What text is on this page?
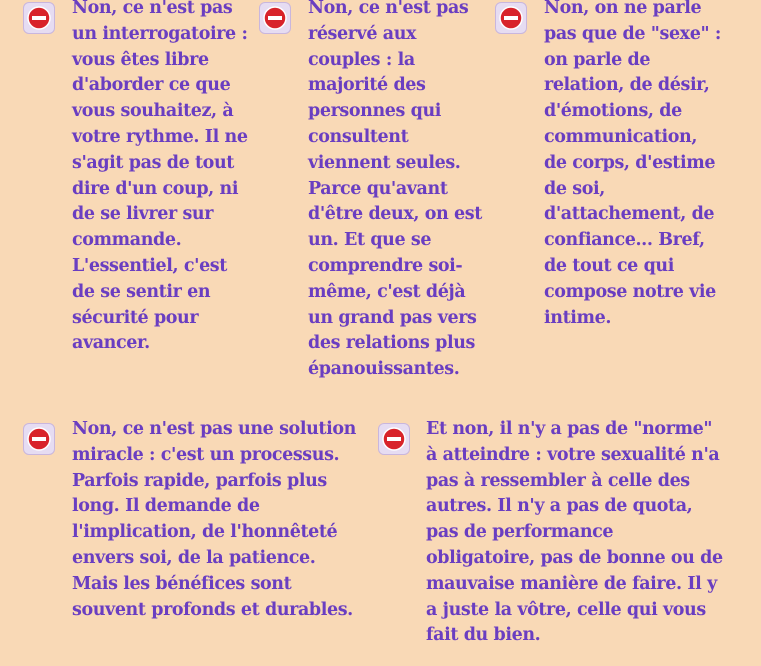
Non, ce n'est pas un interrogatoire : vous êtes libre d'aborder ce que vous souhaitez, à votre rythme. Il ne s'agit pas de tout dire d'un coup, ni de se livrer sur commande. L'essentiel, c'est de se sentir en sécurité pour avancer.

Non, ce n'est pas réservé aux couples : la majorité des personnes qui consultent viennent seules. Parce qu'avant d'être deux, on est un. Et que se comprendre soi-même, c'est déjà un grand pas vers des relations plus épanouissantes.

Non, on ne parle pas que de "sexe" : on parle de relation, de désir, d'émotions, de communication, de corps, d'estime de soi, d'attachement, de confiance... Bref, de tout ce qui compose notre vie intime.

Non, ce n'est pas une solution miracle : c'est un processus. Parfois rapide, parfois plus long. Il demande de l'implication, de l'honnêteté envers soi, de la patience. Mais les bénéfices sont souvent profonds et durables.

Et non, il n'y a pas de "norme" à atteindre : votre sexualité n'a pas à ressembler à celle des autres. Il n'y a pas de quota, pas de performance obligatoire, pas de bonne ou de mauvaise manière de faire. Il y a juste la vôtre, celle qui vous fait du bien.
